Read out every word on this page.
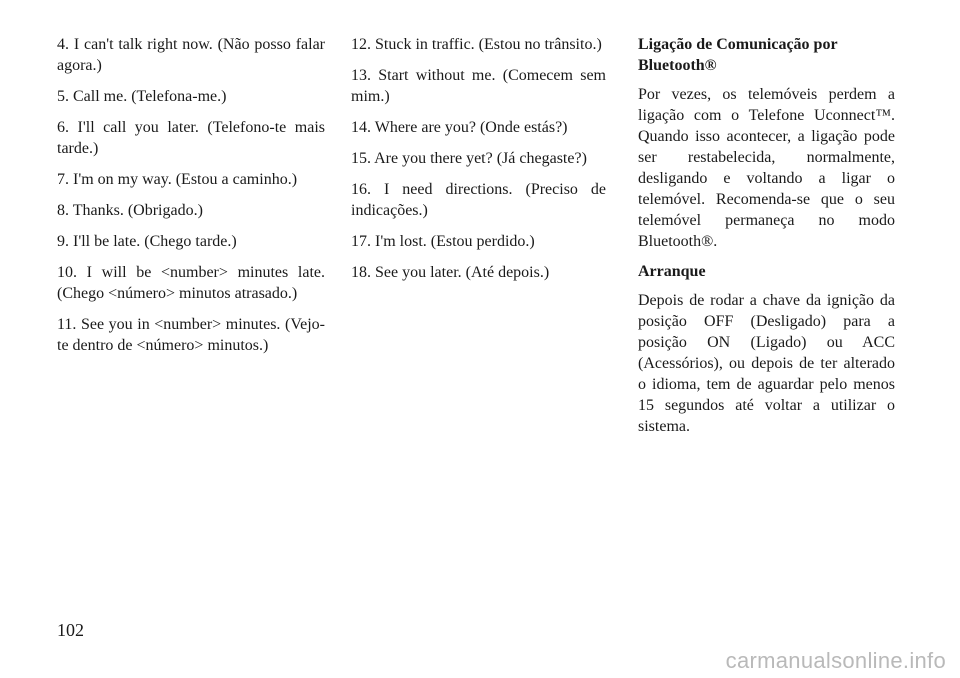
4. I can't talk right now. (Não posso falar agora.)

5. Call me. (Telefona-me.)

6. I'll call you later. (Telefono-te mais tarde.)

7. I'm on my way. (Estou a caminho.)

8. Thanks. (Obrigado.)

9. I'll be late. (Chego tarde.)

10. I will be <number> minutes late. (Chego <número> minutos atrasado.)

11. See you in <number> minutes. (Vejo-te dentro de <número> minutos.)

12. Stuck in traffic. (Estou no trânsito.)

13. Start without me. (Comecem sem mim.)

14. Where are you? (Onde estás?)

15. Are you there yet? (Já chegaste?)

16. I need directions. (Preciso de indicações.)

17. I'm lost. (Estou perdido.)

18. See you later. (Até depois.)

Ligação de Comunicação por Bluetooth®

Por vezes, os telemóveis perdem a ligação com o Telefone Uconnect™. Quando isso acontecer, a ligação pode ser restabelecida, normalmente, desligando e voltando a ligar o telemóvel. Recomenda-se que o seu telemóvel permaneça no modo Bluetooth®.

Arranque

Depois de rodar a chave da ignição da posição OFF (Desligado) para a posição ON (Ligado) ou ACC (Acessórios), ou depois de ter alterado o idioma, tem de aguardar pelo menos 15 segundos até voltar a utilizar o sistema.

102
carmanualsonline.info
